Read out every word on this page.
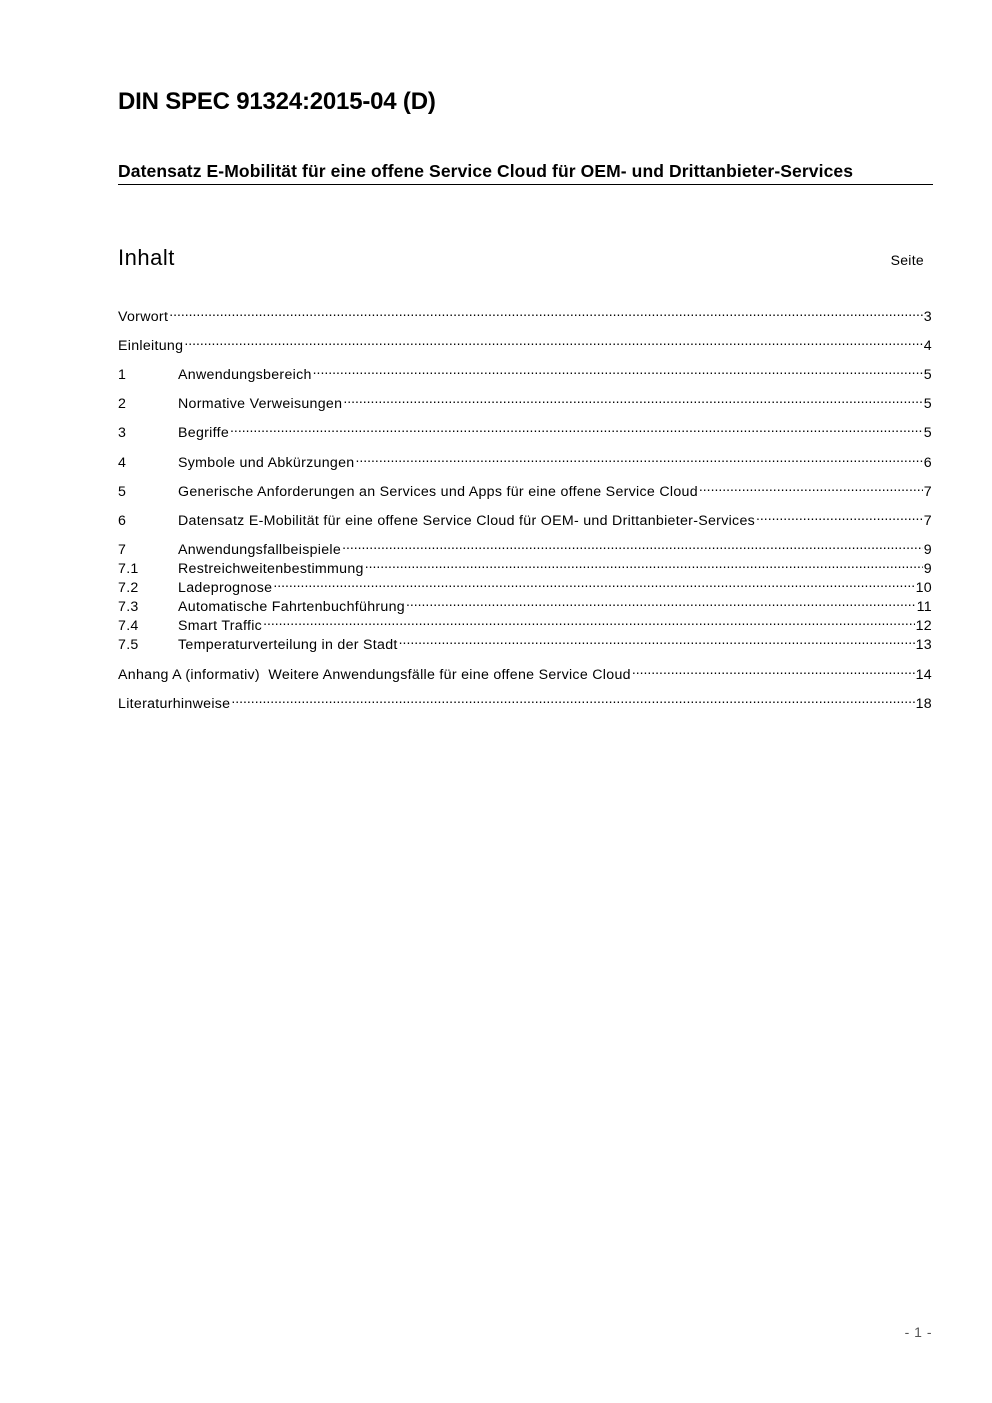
DIN SPEC 91324:2015-04 (D)
Datensatz E-Mobilität für eine offene Service Cloud für OEM- und Drittanbieter-Services
Inhalt	Seite
Vorwort .....	3
Einleitung .....	4
1	Anwendungsbereich .....	5
2	Normative Verweisungen .....	5
3	Begriffe .....	5
4	Symbole und Abkürzungen .....	6
5	Generische Anforderungen an Services und Apps für eine offene Service Cloud .....	7
6	Datensatz E-Mobilität für eine offene Service Cloud für OEM- und Drittanbieter-Services .....	7
7	Anwendungsfallbeispiele .....	9
7.1	Restreichweitenbestimmung .....	9
7.2	Ladeprognose .....	10
7.3	Automatische Fahrtenbuchführung .....	11
7.4	Smart Traffic .....	12
7.5	Temperaturverteilung in der Stadt .....	13
Anhang A (informativ)  Weitere Anwendungsfälle für eine offene Service Cloud .....	14
Literaturhinweise .....	18
- 1 -
